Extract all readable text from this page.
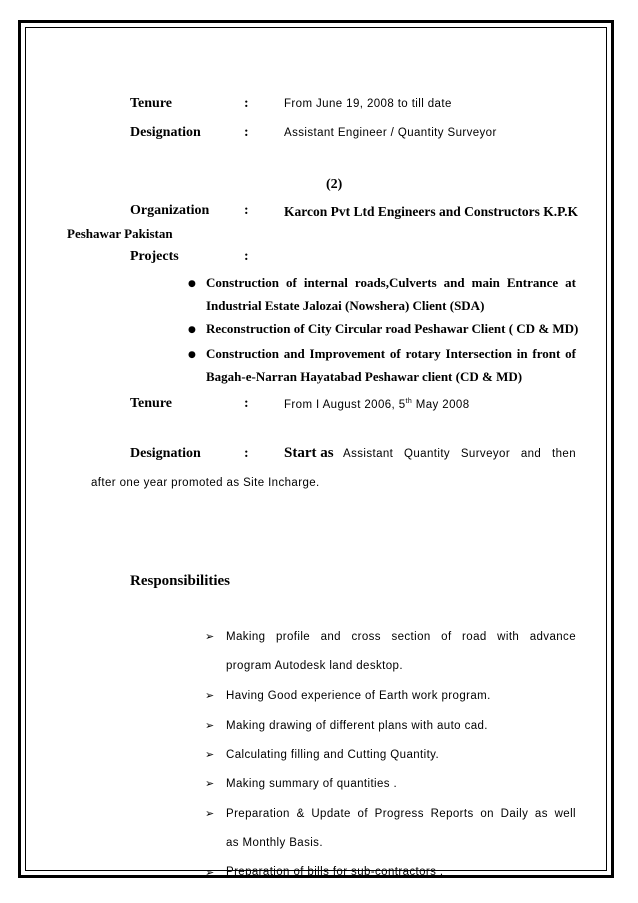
Tenure	:	From June 19, 2008 to till date
Designation	:	Assistant Engineer / Quantity Surveyor
(2)
Organization :	Karcon Pvt Ltd Engineers and Constructors K.P.K
Peshawar Pakistan
Projects	:
● Construction of internal roads,Culverts and main Entrance at
Industrial Estate Jalozai (Nowshera) Client (SDA)
● Reconstruction of City Circular road Peshawar Client ( CD & MD)
● Construction and Improvement of rotary Intersection in front of
Bagah-e-Narran Hayatabad Peshawar client (CD & MD)
Tenure	:	From I August 2006, 5th May 2008
Designation	: Start as Assistant Quantity Surveyor and then
after one year promoted as Site Incharge.
Responsibilities
➢ Making profile and cross section of road with advance
program Autodesk land desktop.
➢ Having Good experience of Earth work program.
➢ Making drawing of different plans with auto cad.
➢ Calculating filling and Cutting Quantity.
➢ Making summary of quantities .
➢ Preparation & Update of Progress Reports on Daily as well
as Monthly Basis.
➢ Preparation of bills for sub-contractors .
